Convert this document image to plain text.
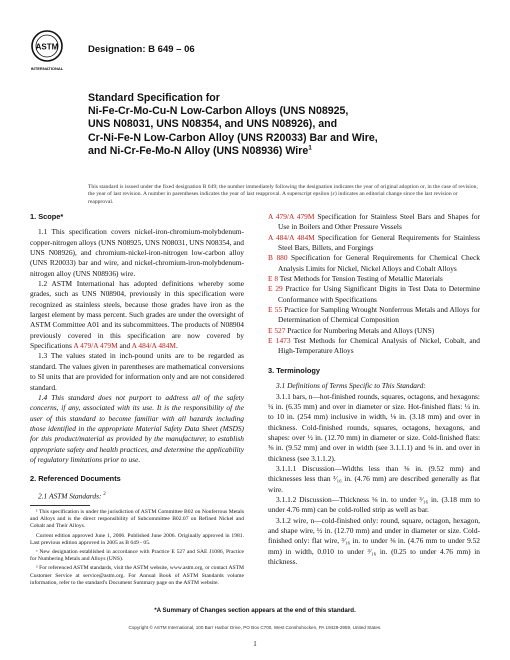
ASTM
INTERNATIONAL
Designation: B 649 – 06
Standard Specification for
Ni-Fe-Cr-Mo-Cu-N Low-Carbon Alloys (UNS N08925,
UNS N08031, UNS N08354, and UNS N08926), and
Cr-Ni-Fe-N Low-Carbon Alloy (UNS R20033) Bar and Wire,
and Ni-Cr-Fe-Mo-N Alloy (UNS N08936) Wire$^1$
This standard is issued under the fixed designation B 649; the number immediately following the designation indicates the year of original adoption or, in the case of revision, the year of last revision. A number in parentheses indicates the year of last reapproval. A superscript epsilon (ε) indicates an editorial change since the last revision or reapproval.
1. Scope*

1.1 This specification covers nickel-iron-chromium-molybdenum-copper-nitrogen alloys (UNS N08925, UNS N08031, UNS N08354, and UNS N08926), and chromium-nickel-iron-nitrogen low-carbon alloy (UNS R20033) bar and wire, and nickel-chromium-iron-molybdenum-nitrogen alloy (UNS N08936) wire.

1.2 ASTM International has adopted definitions whereby some grades, such as UNS N08904, previously in this specification were recognized as stainless steels, because those grades have iron as the largest element by mass percent. Such grades are under the oversight of ASTM Committee A01 and its subcommittees. The products of N08904 previously covered in this specification are now covered by Specifications A 479/A 479M and A 484/A 484M.

1.3 The values stated in inch-pound units are to be regarded as standard. The values given in parentheses are mathematical conversions to SI units that are provided for information only and are not considered standard.

1.4 This standard does not purport to address all of the safety concerns, if any, associated with its use. It is the responsibility of the user of this standard to become familiar with all hazards including those identified in the appropriate Material Safety Data Sheet (MSDS) for this product/material as provided by the manufacturer, to establish appropriate safety and health practices, and determine the applicability of regulatory limitations prior to use.

2. Referenced Documents

2.1 ASTM Standards: $^2$

¹ This specification is under the jurisdiction of ASTM Committee B02 on Nonferrous Metals and Alloys and is the direct responsibility of Subcommittee B02.07 on Refined Nickel and Cobalt and Their Alloys.

Current edition approved June 1, 2006. Published June 2006. Originally approved in 1981. Last previous edition approved in 2005 as B 649 - 05.

ᵃ New designation established in accordance with Practice E 527 and SAE J1086, Practice for Numbering Metals and Alloys (UNS).

² For referenced ASTM standards, visit the ASTM website, www.astm.org, or contact ASTM Customer Service at service@astm.org. For Annual Book of ASTM Standards volume information, refer to the standard's Document Summary page on the ASTM website.

A 479/A 479M Specification for Stainless Steel Bars and Shapes for Use in Boilers and Other Pressure Vessels

A 484/A 484M Specification for General Requirements for Stainless Steel Bars, Billets, and Forgings

B 880 Specification for General Requirements for Chemical Check Analysis Limits for Nickel, Nickel Alloys and Cobalt Alloys

E 8 Test Methods for Tension Testing of Metallic Materials

E 29 Practice for Using Significant Digits in Test Data to Determine Conformance with Specifications

E 55 Practice for Sampling Wrought Nonferrous Metals and Alloys for Determination of Chemical Composition

E 527 Practice for Numbering Metals and Alloys (UNS)

E 1473 Test Methods for Chemical Analysis of Nickel, Cobalt, and High-Temperature Alloys

3. Terminology

3.1 Definitions of Terms Specific to This Standard:

3.1.1 bars, n—hot-finished rounds, squares, octagons, and hexagons: ¼ in. (6.35 mm) and over in diameter or size. Hot-finished flats: ¼ in. to 10 in. (254 mm) inclusive in width, ⅛ in. (3.18 mm) and over in thickness. Cold-finished rounds, squares, octagons, hexagons, and shapes: over ½ in. (12.70 mm) in diameter or size. Cold-finished flats: ⅜ in. (9.52 mm) and over in width (see 3.1.1.1) and ⅛ in. and over in thickness (see 3.1.1.2).

3.1.1.1 Discussion—Widths less than ⅜ in. (9.52 mm) and thicknesses less than ³⁄₁₆ in. (4.76 mm) are described generally as flat wire.

3.1.1.2 Discussion—Thickness ⅛ in. to under ³⁄₁₆ in. (3.18 mm to under 4.76 mm) can be cold-rolled strip as well as bar.

3.1.2 wire, n—cold-finished only: round, square, octagon, hexagon, and shape wire, ½ in. (12.70 mm) and under in diameter or size. Cold-finished only: flat wire, ³⁄₁₆ in. to under ⅜ in. (4.76 mm to under 9.52 mm) in width, 0.010 to under ³⁄₁₆ in. (0.25 to under 4.76 mm) in thickness.

*A Summary of Changes section appears at the end of this standard.
Copyright © ASTM International, 100 Barr Harbor Drive, PO Box C700, West Conshohocken, PA 19428-2959, United States.
1
